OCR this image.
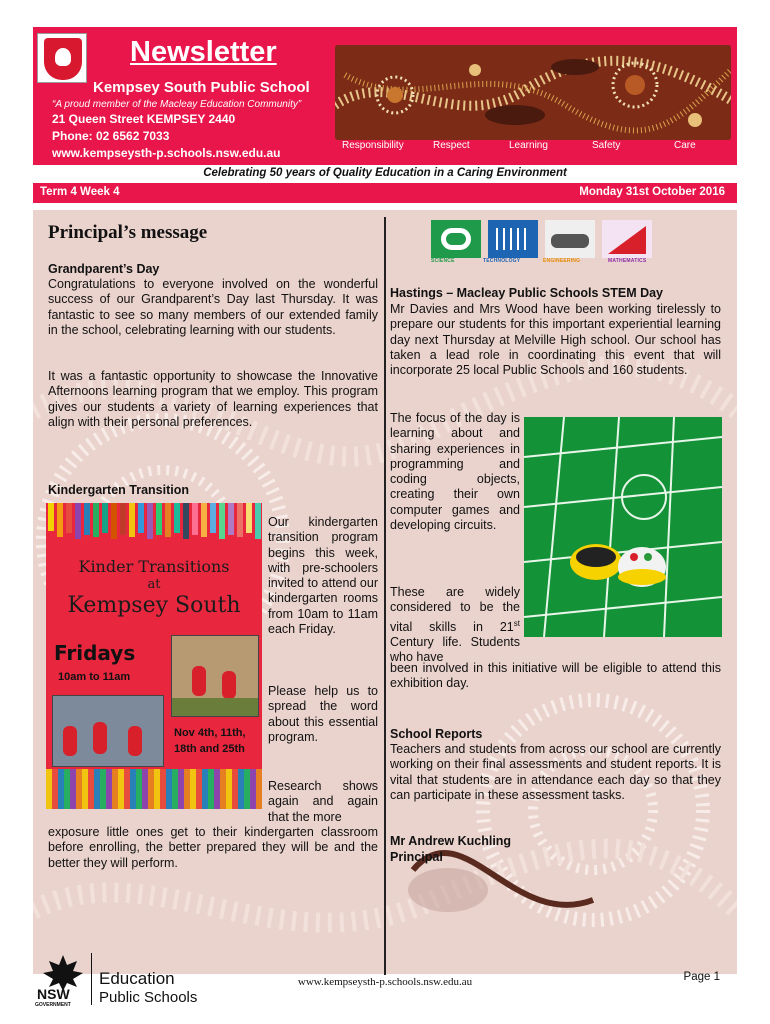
Newsletter
Kempsey South Public School
“A proud member of the Macleay Education Community”
21 Queen Street KEMPSEY 2440
Phone: 02 6562 7033
www.kempseysth-p.schools.nsw.edu.au
Responsibility	Respect	Learning	Safety	Care
Celebrating 50 years of Quality Education in a Caring Environment
Term 4 Week 4	Monday 31st October 2016
Principal’s message
Grandparent’s Day
Congratulations to everyone involved on the wonderful success of our Grandparent’s Day last Thursday. It was fantastic to see so many members of our extended family in the school, celebrating learning with our students.
It was a fantastic opportunity to showcase the Innovative Afternoons learning program that we employ. This program gives our students a variety of learning experiences that align with their personal preferences.
Kindergarten Transition
Kinder Transitions
at
Kempsey South
Fridays
10am to 11am
Nov 4th, 11th, 18th and 25th
Our kindergarten transition program begins this week, with pre-schoolers invited to attend our kindergarten rooms from 10am to 11am each Friday.
Please help us to spread the word about this essential program.
Research shows again and again that the more
exposure little ones get to their kindergarten classroom before enrolling, the better prepared they will be and the better they will perform.
SCIENCE	TECHNOLOGY	ENGINEERING	MATHEMATICS
Hastings – Macleay Public Schools STEM Day
Mr Davies and Mrs Wood have been working tirelessly to prepare our students for this important experiential learning day next Thursday at Melville High school. Our school has taken a lead role in coordinating this event that will incorporate 25 local Public Schools and 160 students.
The focus of the day is learning about and sharing experiences in programming and coding objects, creating their own computer games and developing circuits.
These are widely considered to be the vital skills in 21st Century life. Students who have
been involved in this initiative will be eligible to attend this exhibition day.
School Reports
Teachers and students from across our school are currently working on their final assessments and student reports. It is vital that students are in attendance each day so that they can participate in these assessment tasks.
Mr Andrew Kuchling
Principal
NSW
GOVERNMENT
Education
Public Schools
www.kempseysth-p.schools.nsw.edu.au	Page 1
